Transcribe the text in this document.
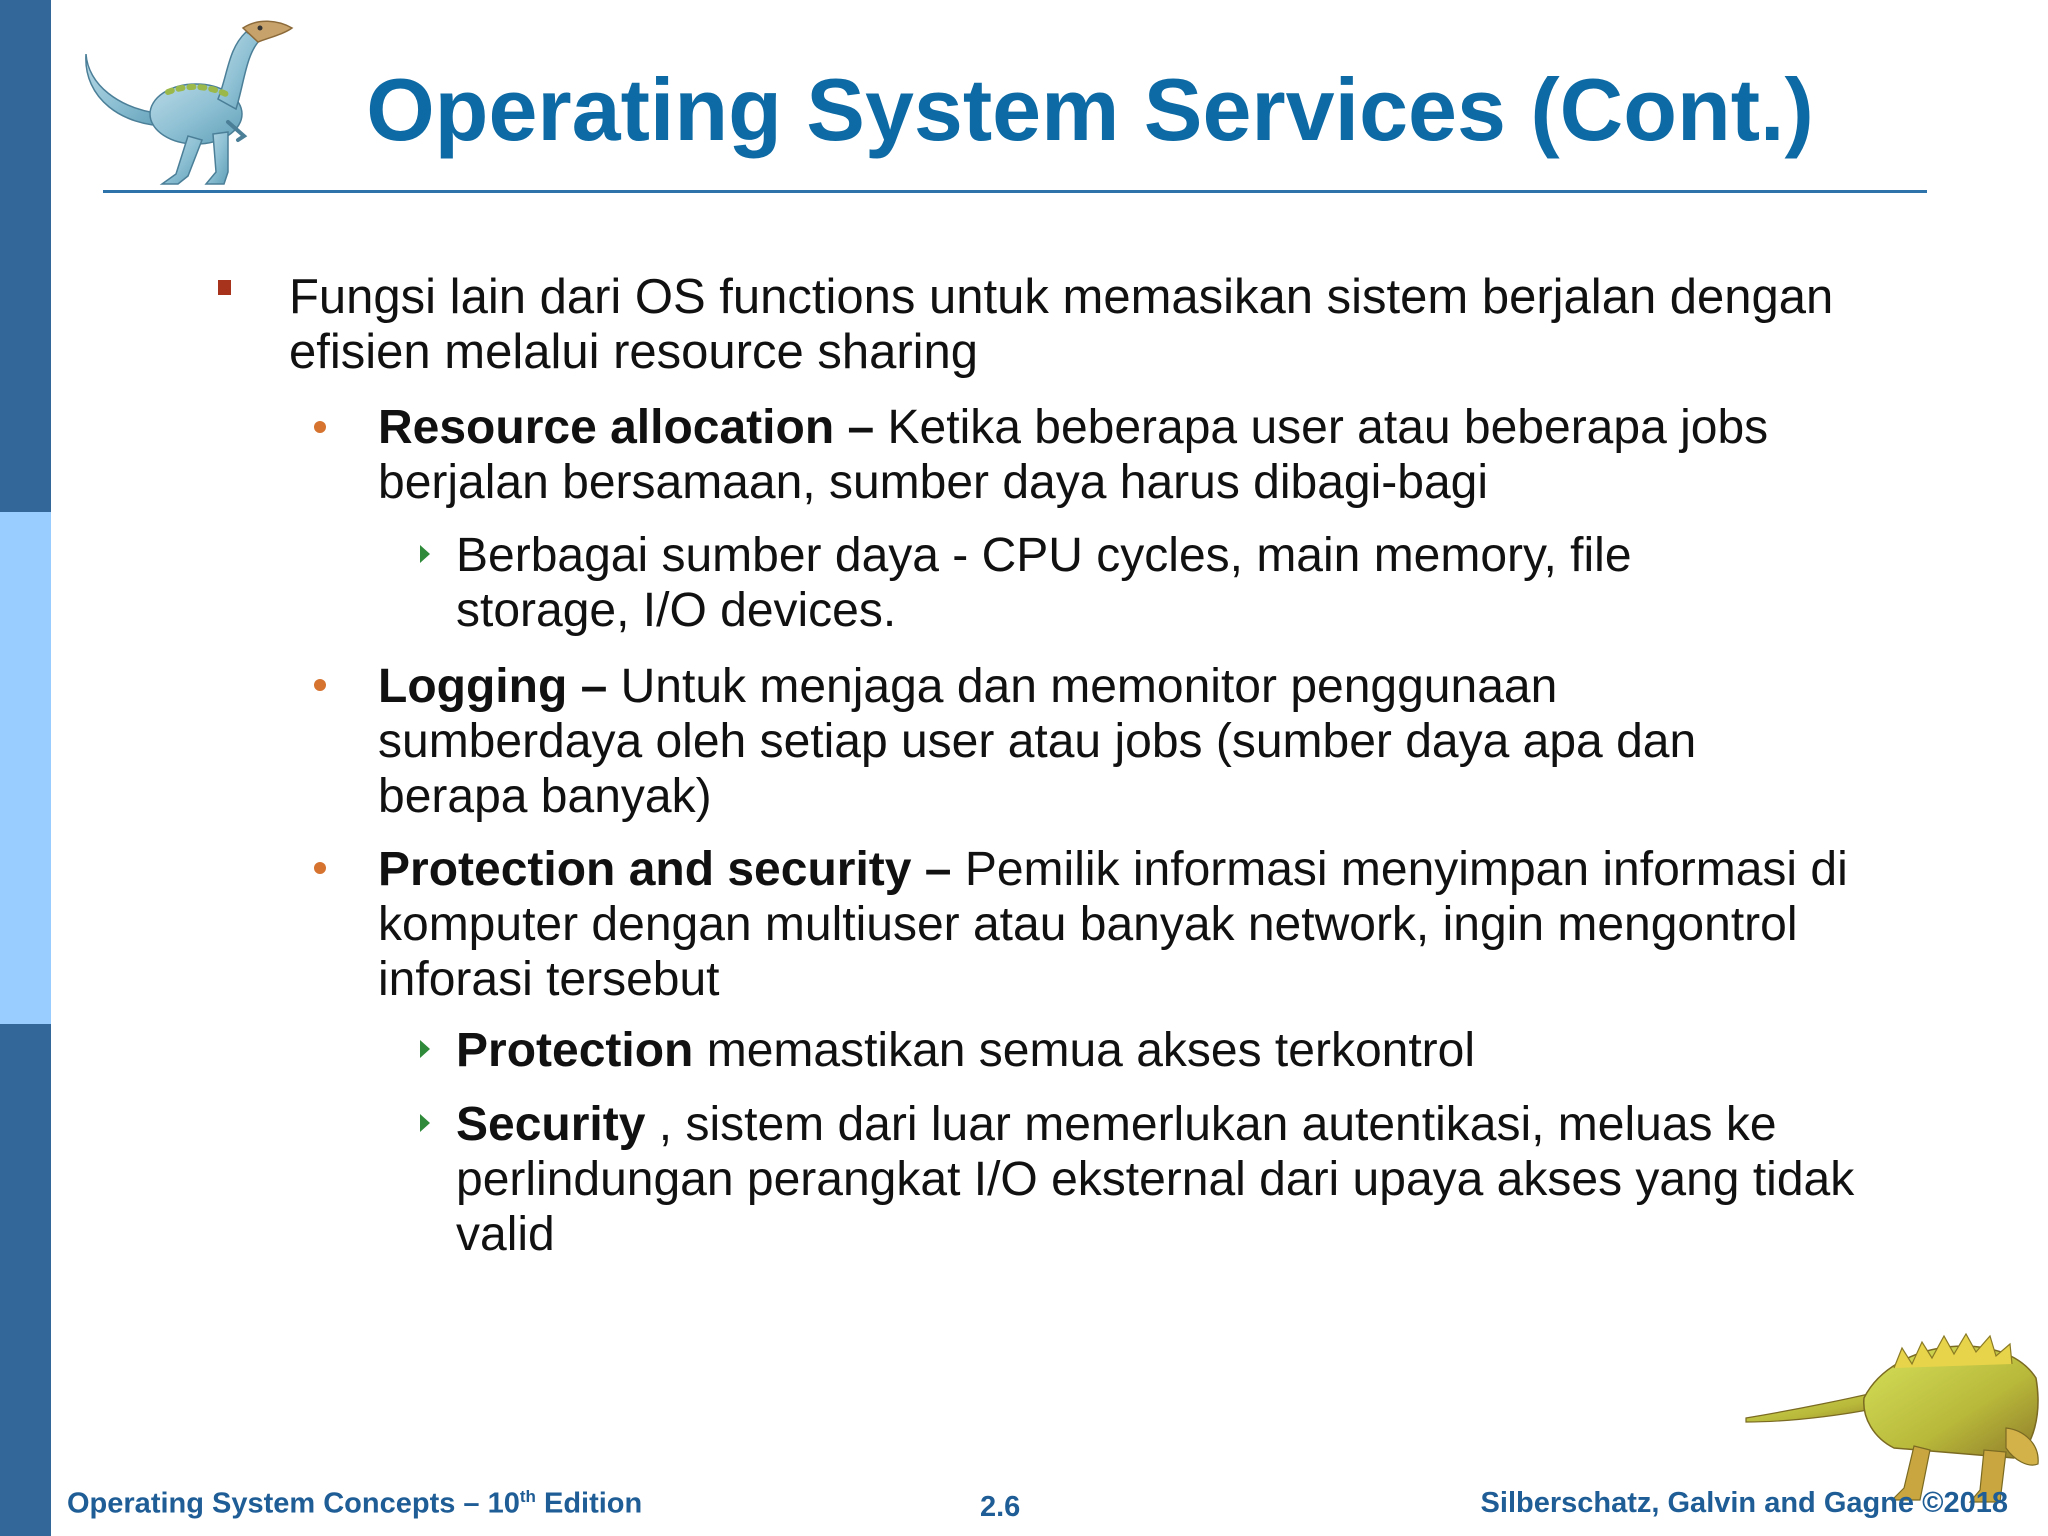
Operating System Services (Cont.)

Fungsi lain dari OS functions untuk memasikan sistem berjalan dengan efisien melalui resource sharing

Resource allocation – Ketika beberapa user atau beberapa jobs berjalan bersamaan, sumber daya harus dibagi-bagi

Berbagai sumber daya - CPU cycles, main memory, file storage, I/O devices.

Logging – Untuk menjaga dan memonitor penggunaan sumberdaya oleh setiap user atau jobs (sumber daya apa dan berapa banyak)

Protection and security – Pemilik informasi menyimpan informasi di komputer dengan multiuser atau banyak network, ingin mengontrol inforasi tersebut

Protection memastikan semua akses terkontrol

Security , sistem dari luar memerlukan autentikasi, meluas ke perlindungan perangkat I/O eksternal dari upaya akses yang tidak valid

Operating System Concepts – 10th Edition	2.6	Silberschatz, Galvin and Gagne ©2018
